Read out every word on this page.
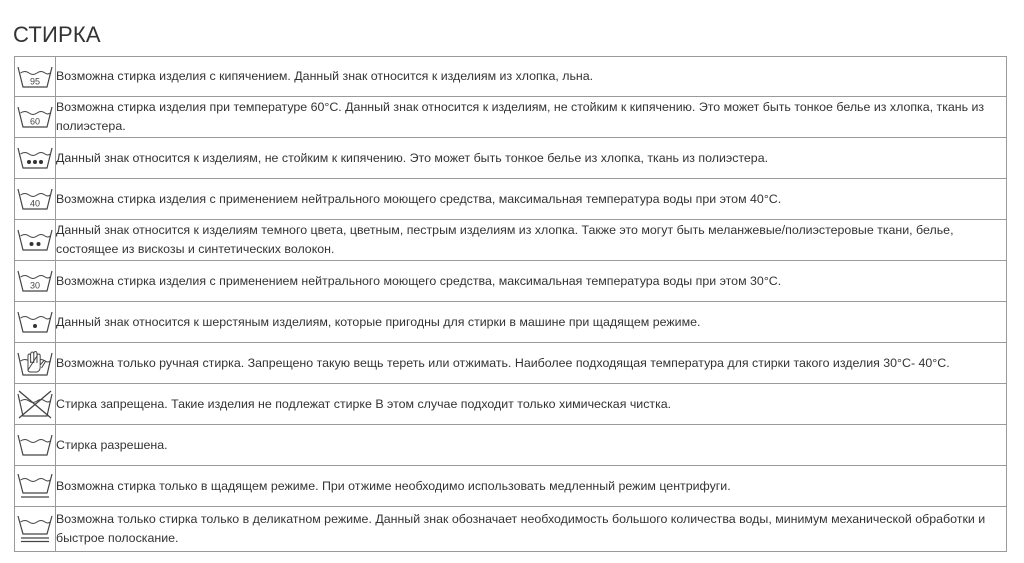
СТИРКА
95	Возможна стирка изделия с кипячением. Данный знак относится к изделиям из хлопка, льна.

60	Возможна стирка изделия при температуре 60°С. Данный знак относится к изделиям, не стойким к кипячению. Это может быть тонкое белье из хлопка, ткань из полиэстера.

	Данный знак относится к изделиям, не стойким к кипячению. Это может быть тонкое белье из хлопка, ткань из полиэстера.

40	Возможна стирка изделия с применением нейтрального моющего средства, максимальная температура воды при этом 40°С.

	Данный знак относится к изделиям темного цвета, цветным, пестрым изделиям из хлопка. Также это могут быть меланжевые/полиэстеровые ткани, белье, состоящее из вискозы и синтетических волокон.

30	Возможна стирка изделия с применением нейтрального моющего средства, максимальная температура воды при этом 30°С.

	Данный знак относится к шерстяным изделиям, которые пригодны для стирки в машине при щадящем режиме.

	Возможна только ручная стирка. Запрещено такую вещь тереть или отжимать. Наиболее подходящая температура для стирки такого изделия 30°С- 40°С.

	Стирка запрещена. Такие изделия не подлежат стирке В этом случае подходит только химическая чистка.

	Стирка разрешена.

	Возможна стирка только в щадящем режиме. При отжиме необходимо использовать медленный режим центрифуги.

	Возможна только стирка только в деликатном режиме. Данный знак обозначает необходимость большого количества воды, минимум механической обработки и быстрое полоскание.
